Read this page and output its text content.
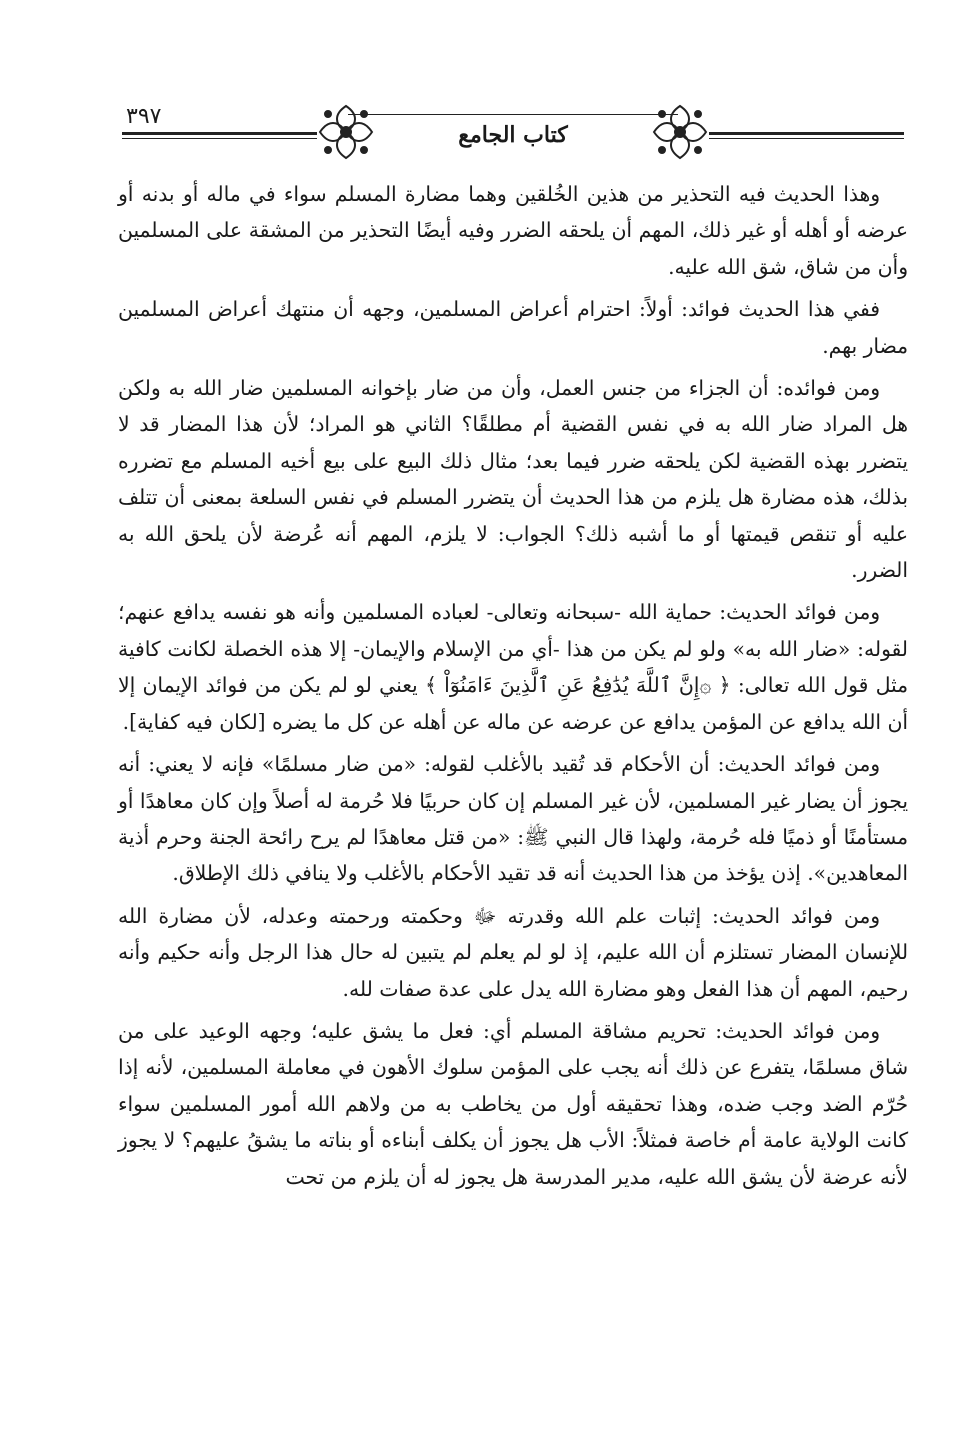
٣٩٧
كتاب الجامع

وهذا الحديث فيه التحذير من هذين الخُلقين وهما مضارة المسلم سواء في ماله أو بدنه أو عرضه أو أهله أو غير ذلك، المهم أن يلحقه الضرر وفيه أيضًا التحذير من المشقة على المسلمين وأن من شاق، شق الله عليه.

ففي هذا الحديث فوائد: أولاً: احترام أعراض المسلمين، وجهه أن منتهك أعراض المسلمين مضار بهم.

ومن فوائده: أن الجزاء من جنس العمل، وأن من ضار بإخوانه المسلمين ضار الله به ولكن هل المراد ضار الله به في نفس القضية أم مطلقًا؟ الثاني هو المراد؛ لأن هذا المضار قد لا يتضرر بهذه القضية لكن يلحقه ضرر فيما بعد؛ مثال ذلك البيع على بيع أخيه المسلم مع تضرره بذلك، هذه مضارة هل يلزم من هذا الحديث أن يتضرر المسلم في نفس السلعة بمعنى أن تتلف عليه أو تنقص قيمتها أو ما أشبه ذلك؟ الجواب: لا يلزم، المهم أنه عُرضة لأن يلحق الله به الضرر.

ومن فوائد الحديث: حماية الله -سبحانه وتعالى- لعباده المسلمين وأنه هو نفسه يدافع عنهم؛ لقوله: «ضار الله به» ولو لم يكن من هذا -أي من الإسلام والإيمان- إلا هذه الخصلة لكانت كافية مثل قول الله تعالى: ﴿ ۞إِنَّ ٱللَّهَ يُدَٰفِعُ عَنِ ٱلَّذِينَ ءَامَنُوٓاْ ﴾ يعني لو لم يكن من فوائد الإيمان إلا أن الله يدافع عن المؤمن يدافع عن عرضه عن ماله عن أهله عن كل ما يضره [لكان فيه كفاية].

ومن فوائد الحديث: أن الأحكام قد تُقيد بالأغلب لقوله: «من ضار مسلمًا» فإنه لا يعني: أنه يجوز أن يضار غير المسلمين، لأن غير المسلم إن كان حربيًا فلا حُرمة له أصلاً وإن كان معاهدًا أو مستأمنًا أو ذميًا فله حُرمة، ولهذا قال النبي ﷺ: «من قتل معاهدًا لم يرح رائحة الجنة وحرم أذية المعاهدين». إذن يؤخذ من هذا الحديث أنه قد تقيد الأحكام بالأغلب ولا ينافي ذلك الإطلاق.

ومن فوائد الحديث: إثبات علم الله وقدرته ﷻ وحكمته ورحمته وعدله، لأن مضارة الله للإنسان المضار تستلزم أن الله عليم، إذ لو لم يعلم لم يتبين له حال هذا الرجل وأنه حكيم وأنه رحيم، المهم أن هذا الفعل وهو مضارة الله يدل على عدة صفات لله.

ومن فوائد الحديث: تحريم مشاقة المسلم أي: فعل ما يشق عليه؛ وجهه الوعيد على من شاق مسلمًا، يتفرع عن ذلك أنه يجب على المؤمن سلوك الأهون في معاملة المسلمين، لأنه إذا حُرّم الضد وجب ضده، وهذا تحقيقه أول من يخاطب به من ولاهم الله أمور المسلمين سواء كانت الولاية عامة أم خاصة فمثلاً: الأب هل يجوز أن يكلف أبناءه أو بناته ما يشقُ عليهم؟ لا يجوز لأنه عرضة لأن يشق الله عليه، مدير المدرسة هل يجوز له أن يلزم من تحت
